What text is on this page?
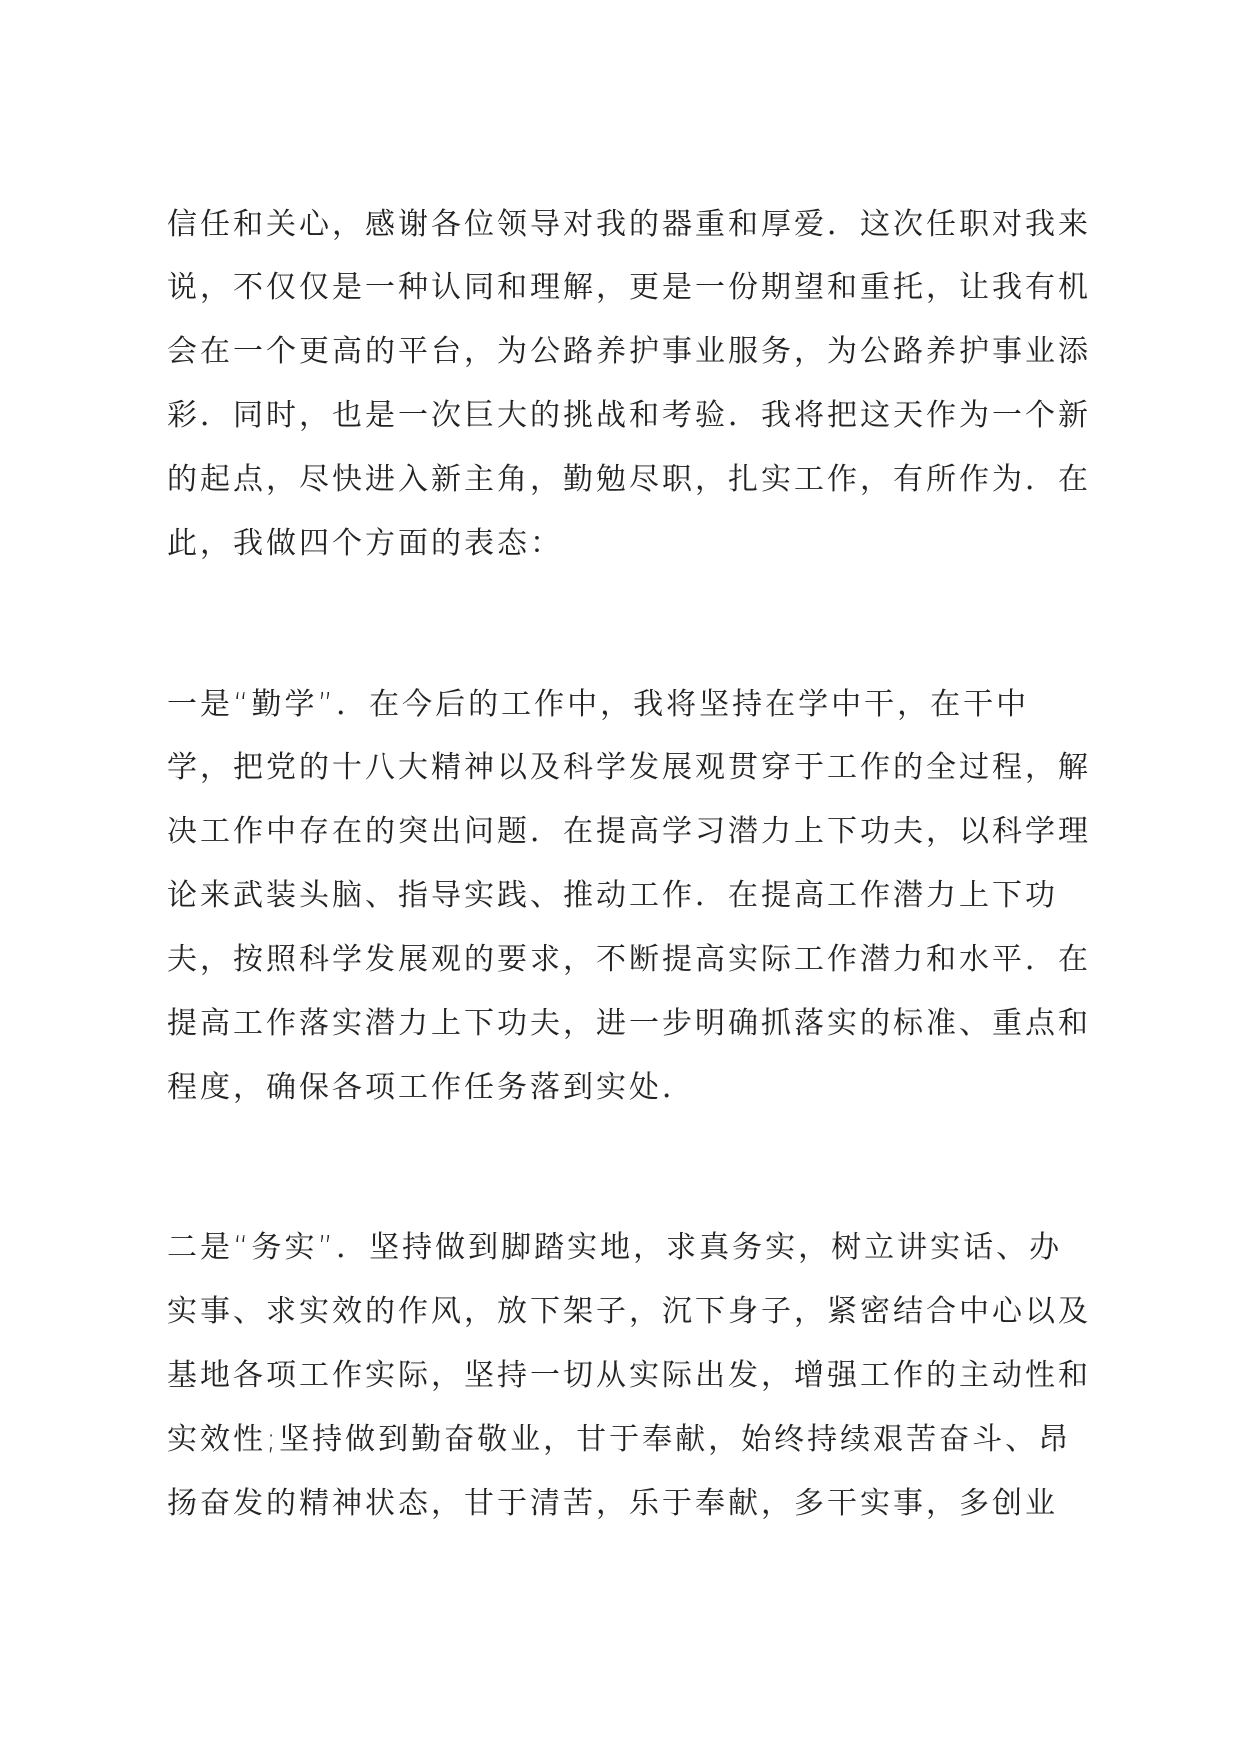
信任和关心，感谢各位领导对我的器重和厚爱．这次任职对我来
说，不仅仅是一种认同和理解，更是一份期望和重托，让我有机
会在一个更高的平台，为公路养护事业服务，为公路养护事业添
彩．同时，也是一次巨大的挑战和考验．我将把这天作为一个新
的起点，尽快进入新主角，勤勉尽职，扎实工作，有所作为．在
此，我做四个方面的表态：
一是“勤学”．在今后的工作中，我将坚持在学中干，在干中
学，把党的十八大精神以及科学发展观贯穿于工作的全过程，解
决工作中存在的突出问题．在提高学习潜力上下功夫，以科学理
论来武装头脑、指导实践、推动工作．在提高工作潜力上下功
夫，按照科学发展观的要求，不断提高实际工作潜力和水平．在
提高工作落实潜力上下功夫，进一步明确抓落实的标准、重点和
程度，确保各项工作任务落到实处．
二是“务实”．坚持做到脚踏实地，求真务实，树立讲实话、办
实事、求实效的作风，放下架子，沉下身子，紧密结合中心以及
基地各项工作实际，坚持一切从实际出发，增强工作的主动性和
实效性;坚持做到勤奋敬业，甘于奉献，始终持续艰苦奋斗、昂
扬奋发的精神状态，甘于清苦，乐于奉献，多干实事，多创业
